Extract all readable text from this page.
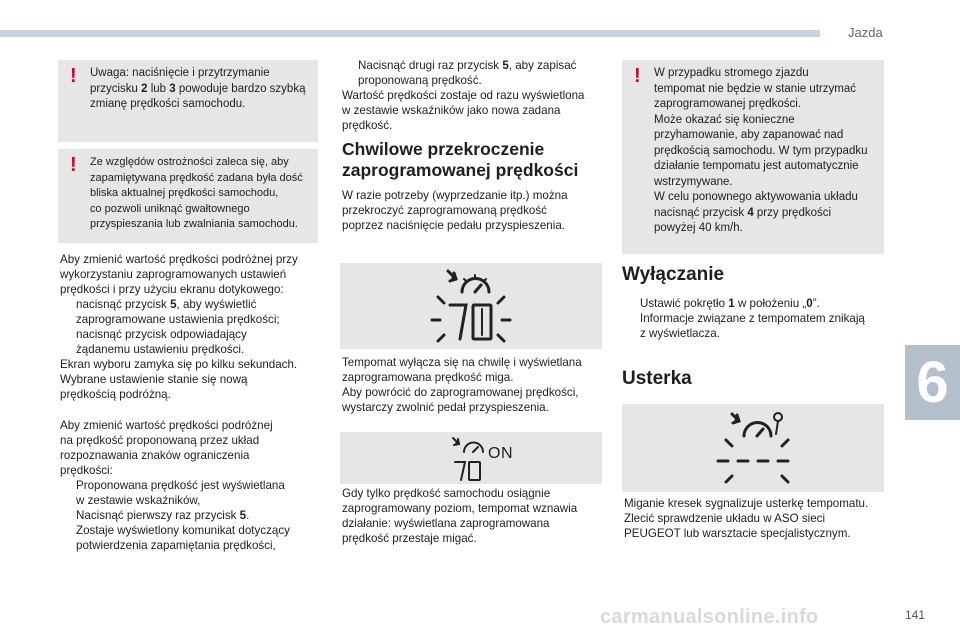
Jazda
! Uwaga: naciśnięcie i przytrzymanie
przycisku 2 lub 3 powoduje bardzo szybką
zmianę prędkości samochodu.
! Ze względów ostrożności zaleca się, aby
zapamiętywana prędkość zadana była dość
bliska aktualnej prędkości samochodu,
co pozwoli uniknąć gwałtownego
przyspieszania lub zwalniania samochodu.

Aby zmienić wartość prędkości podróżnej przy

wykorzystaniu zaprogramowanych ustawień

prędkości i przy użyciu ekranu dotykowego:

nacisnąć przycisk 5, aby wyświetlić
zaprogramowane ustawienia prędkości;
nacisnąć przycisk odpowiadający
żądanemu ustawieniu prędkości.

Ekran wyboru zamyka się po kilku sekundach.

Wybrane ustawienie stanie się nową

prędkością podróżną.

Aby zmienić wartość prędkości podróżnej

na prędkość proponowaną przez układ

rozpoznawania znaków ograniczenia

prędkości:

Proponowana prędkość jest wyświetlana
w zestawie wskaźników,
Nacisnąć pierwszy raz przycisk 5.
Zostaje wyświetlony komunikat dotyczący
potwierdzenia zapamiętania prędkości,
Nacisnąć drugi raz przycisk 5, aby zapisać
proponowaną prędkość.

Wartość prędkości zostaje od razu wyświetlona

w zestawie wskaźników jako nowa zadana

prędkość.

Chwilowe przekroczenie
zaprogramowanej prędkości

W razie potrzeby (wyprzedzanie itp.) można

przekroczyć zaprogramowaną prędkość

poprzez naciśnięcie pedału przyspieszenia.

Tempomat wyłącza się na chwilę i wyświetlana

zaprogramowana prędkość miga.

Aby powrócić do zaprogramowanej prędkości,

wystarczy zwolnić pedał przyspieszenia.

ON

Gdy tylko prędkość samochodu osiągnie

zaprogramowany poziom, tempomat wznawia

działanie: wyświetlana zaprogramowana

prędkość przestaje migać.

! W przypadku stromego zjazdu
tempomat nie będzie w stanie utrzymać
zaprogramowanej prędkości.
Może okazać się konieczne
przyhamowanie, aby zapanować nad
prędkością samochodu. W tym przypadku
działanie tempomatu jest automatycznie
wstrzymywane.
W celu ponownego aktywowania układu
nacisnąć przycisk 4 przy prędkości
powyżej 40 km/h.
Wyłączanie
Ustawić pokrętło 1 w położeniu „0”.
Informacje związane z tempomatem znikają
z wyświetlacza.
Usterka

Miganie kresek sygnalizuje usterkę tempomatu.

Zlecić sprawdzenie układu w ASO sieci

PEUGEOT lub warsztacie specjalistycznym.

6
carmanualsonline.info	141
